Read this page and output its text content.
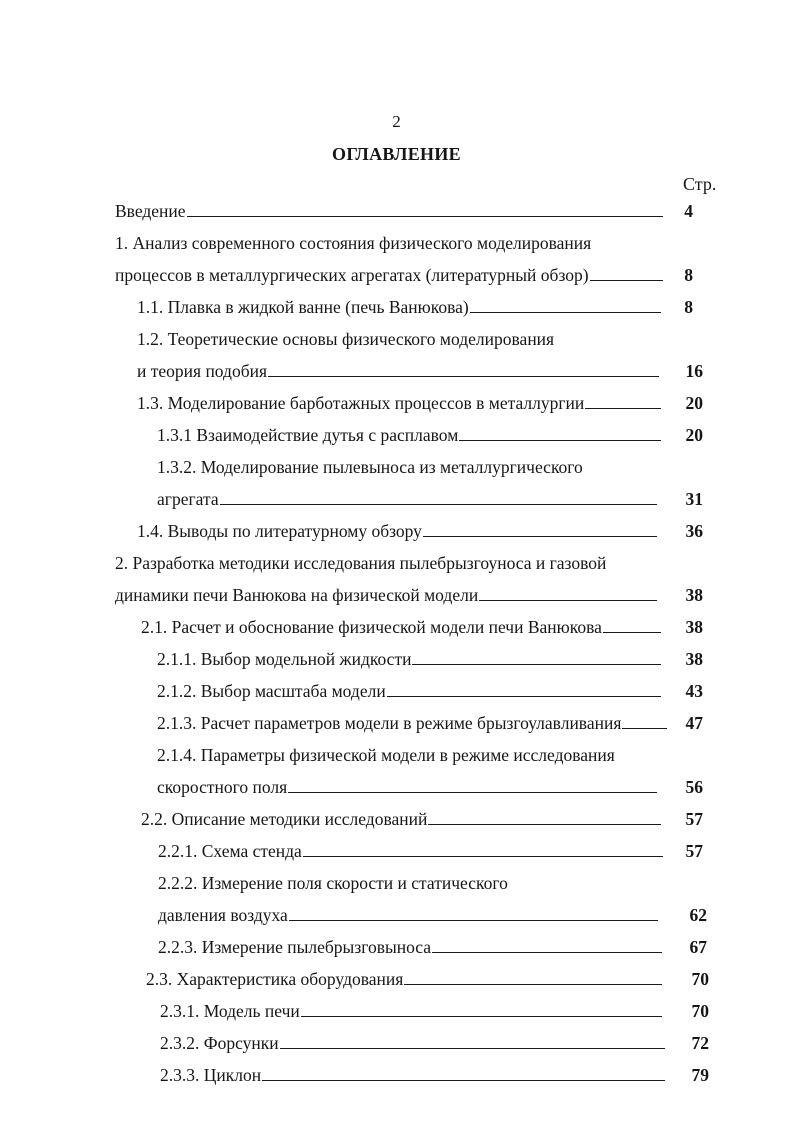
2
ОГЛАВЛЕНИЕ
Стр.
Введение	4
1. Анализ современного состояния физического моделирования
процессов в металлургических агрегатах (литературный обзор)	8
1.1. Плавка в жидкой ванне (печь Ванюкова)	8
1.2. Теоретические основы физического моделирования
и теория подобия	16
1.3. Моделирование барботажных процессов в металлургии	20
1.3.1 Взаимодействие дутья с расплавом	20
1.3.2. Моделирование пылевыноса из металлургического
агрегата	31
1.4. Выводы по литературному обзору	36
2. Разработка методики исследования пылебрызгоуноса и газовой
динамики печи Ванюкова на физической модели	38
2.1. Расчет и обоснование физической модели печи Ванюкова	38
2.1.1. Выбор модельной жидкости	38
2.1.2. Выбор масштаба модели	43
2.1.3. Расчет параметров модели в режиме брызгоулавливания	47
2.1.4. Параметры физической модели в режиме исследования
скоростного поля	56
2.2. Описание методики исследований	57
2.2.1. Схема стенда	57
2.2.2. Измерение поля скорости и статического
давления воздуха	62
2.2.3. Измерение пылебрызговыноса	67
2.3. Характеристика оборудования	70
2.3.1. Модель печи	70
2.3.2. Форсунки	72
2.3.3. Циклон	79
